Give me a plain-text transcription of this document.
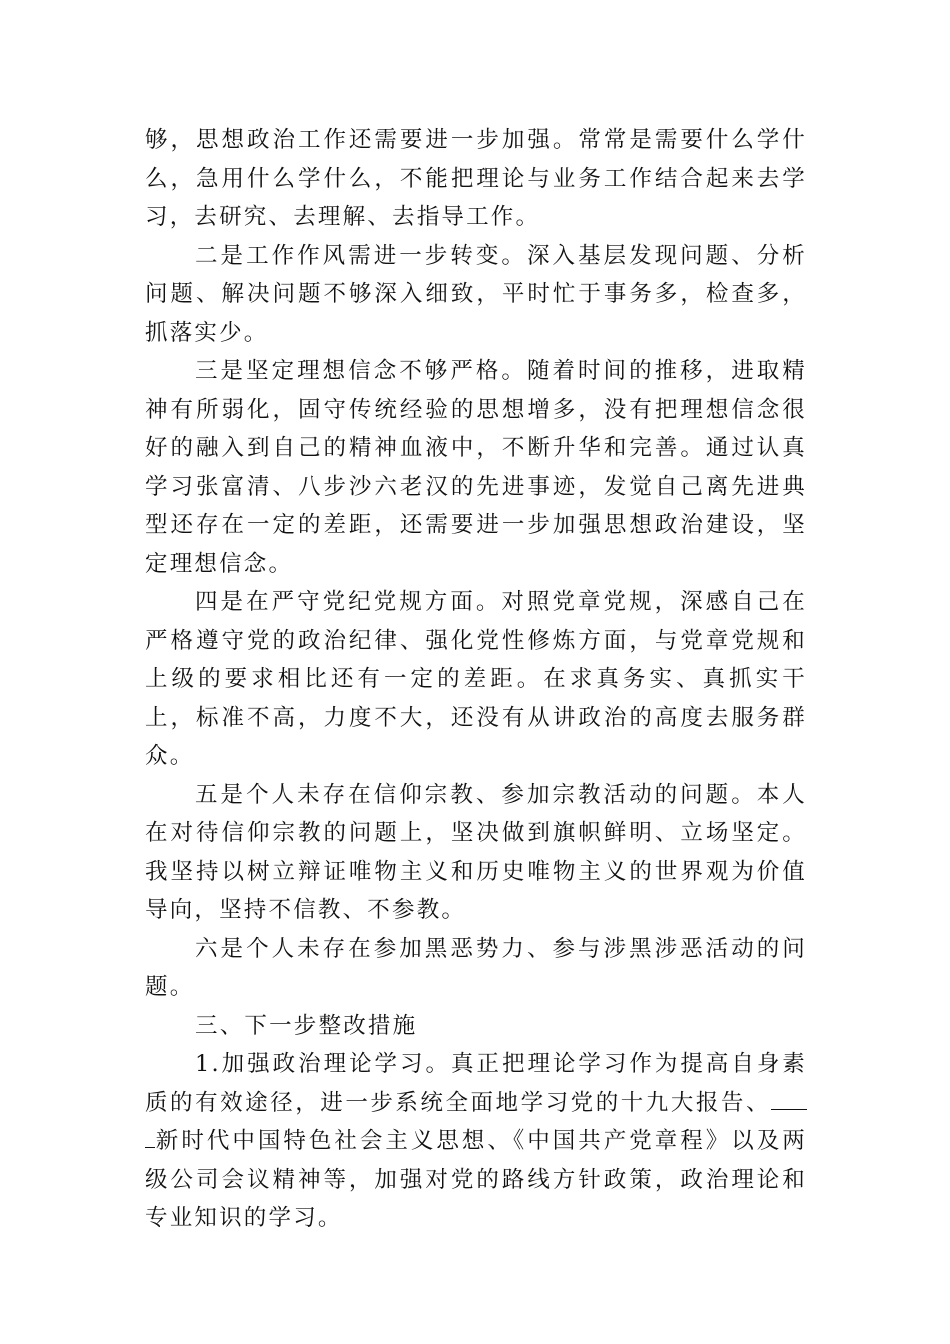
够，思想政治工作还需要进一步加强。常常是需要什么学什么，急用什么学什么，不能把理论与业务工作结合起来去学习，去研究、去理解、去指导工作。

二是工作作风需进一步转变。深入基层发现问题、分析问题、解决问题不够深入细致，平时忙于事务多，检查多，抓落实少。

三是坚定理想信念不够严格。随着时间的推移，进取精神有所弱化，固守传统经验的思想增多，没有把理想信念很好的融入到自己的精神血液中，不断升华和完善。通过认真学习张富清、八步沙六老汉的先进事迹，发觉自己离先进典型还存在一定的差距，还需要进一步加强思想政治建设，坚定理想信念。

四是在严守党纪党规方面。对照党章党规，深感自己在严格遵守党的政治纪律、强化党性修炼方面，与党章党规和上级的要求相比还有一定的差距。在求真务实、真抓实干上，标准不高，力度不大，还没有从讲政治的高度去服务群众。

五是个人未存在信仰宗教、参加宗教活动的问题。本人在对待信仰宗教的问题上，坚决做到旗帜鲜明、立场坚定。我坚持以树立辩证唯物主义和历史唯物主义的世界观为价值导向，坚持不信教、不参教。

六是个人未存在参加黑恶势力、参与涉黑涉恶活动的问题。

三、下一步整改措施

1.加强政治理论学习。真正把理论学习作为提高自身素质的有效途径，进一步系统全面地学习党的十九大报告、新时代中国特色社会主义思想、《中国共产党章程》以及两级公司会议精神等，加强对党的路线方针政策，政治理论和专业知识的学习。
